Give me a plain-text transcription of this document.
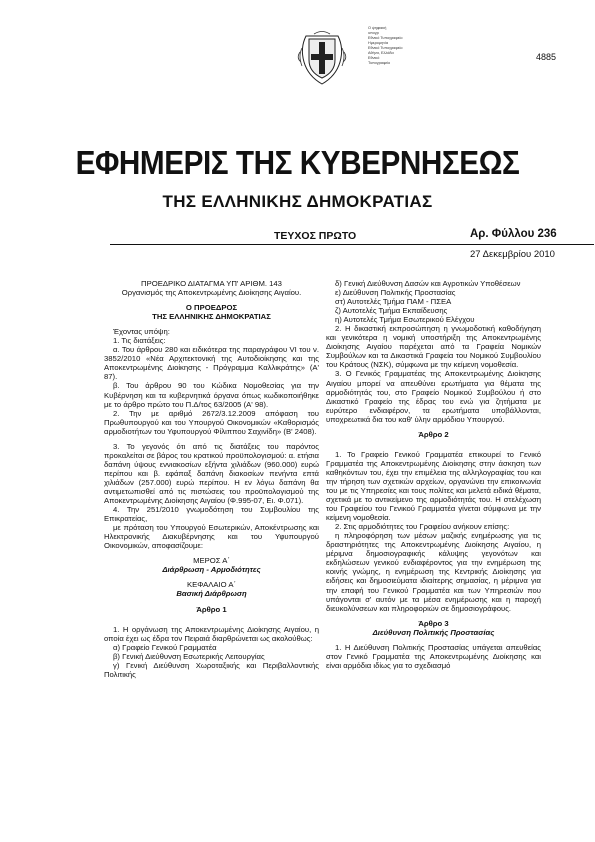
Ο ψηφιακή
υπογρ
Εθνικό Τυπογραφείο
Ημερομηνία
Εθνικό Τυπογραφείο
Αθήνα, Ελλάδα
Εθνικό
Τυπογραφείο
4885
ΕΦΗΜΕΡΙΣ ΤΗΣ ΚΥΒΕΡΝΗΣΕΩΣ
ΤΗΣ ΕΛΛΗΝΙΚΗΣ ΔΗΜΟΚΡΑΤΙΑΣ
ΤΕΥΧΟΣ ΠΡΩΤΟ	Αρ. Φύλλου 236
27 Δεκεμβρίου 2010

ΠΡΟΕΔΡΙΚΟ ΔΙΑΤΑΓΜΑ ΥΠ' ΑΡΙΘΜ. 143

Οργανισμός της Αποκεντρωμένης Διοίκησης Αιγαίου.

Ο ΠΡΟΕΔΡΟΣ

ΤΗΣ ΕΛΛΗΝΙΚΗΣ ΔΗΜΟΚΡΑΤΙΑΣ

Έχοντας υπόψη:

1. Τις διατάξεις:

α. Του άρθρου 280 και ειδικότερα της παραγράφου VI του ν. 3852/2010 «Νέα Αρχιτεκτονική της Αυτοδιοίκησης και της Αποκεντρωμένης Διοίκησης - Πρόγραμμα Καλλικράτης» (Α' 87).

β. Του άρθρου 90 του Κώδικα Νομοθεσίας για την Κυβέρνηση και τα κυβερνητικά όργανα όπως κωδικοποιήθηκε με το άρθρο πρώτο του Π.Δ/τος 63/2005 (Α' 98).

2. Την με αριθμό 2672/3.12.2009 απόφαση του Πρωθυπουργού και του Υπουργού Οικονομικών «Καθορισμός αρμοδιοτήτων του Υφυπουργού Φίλιππου Σαχινίδη» (Β' 2408).

3. Το γεγονός ότι από τις διατάξεις του παρόντος προκαλείται σε βάρος του κρατικού προϋπολογισμού: α. ετήσια δαπάνη ύψους εννιακοσίων εξήντα χιλιάδων (960.000) ευρώ περίπου και β. εφάπαξ δαπάνη διακοσίων πενήντα επτά χιλιάδων (257.000) ευρώ περίπου. Η εν λόγω δαπάνη θα αντιμετωπισθεί από τις πιστώσεις του προϋπολογισμού της Αποκεντρωμένης Διοίκησης Αιγαίου (Φ.995-07, Ει. Φ.071).

4. Την 251/2010 γνωμοδότηση του Συμβουλίου της Επικρατείας,

με πρόταση του Υπουργού Εσωτερικών, Αποκέντρωσης και Ηλεκτρονικής Διακυβέρνησης και του Υφυπουργού Οικονομικών, αποφασίζουμε:

ΜΕΡΟΣ Α΄

Διάρθρωση - Αρμοδιότητες

ΚΕΦΑΛΑΙΟ Α΄

Βασική Διάρθρωση

Άρθρο 1

1. Η οργάνωση της Αποκεντρωμένης Διοίκησης Αιγαίου, η οποία έχει ως έδρα τον Πειραιά διαρθρώνεται ως ακολούθως:

α) Γραφείο Γενικού Γραμματέα

β) Γενική Διεύθυνση Εσωτερικής Λειτουργίας

γ) Γενική Διεύθυνση Χωροταξικής και Περιβαλλοντικής Πολιτικής

δ) Γενική Διεύθυνση Δασών και Αγροτικών Υποθέσεων

ε) Διεύθυνση Πολιτικής Προστασίας

στ) Αυτοτελές Τμήμα ΠΑΜ - ΠΣΕΑ

ζ) Αυτοτελές Τμήμα Εκπαίδευσης

η) Αυτοτελές Τμήμα Εσωτερικού Ελέγχου

2. Η δικαστική εκπροσώπηση η γνωμοδοτική καθοδήγηση και γενικότερα η νομική υποστήριξη της Αποκεντρωμένης Διοίκησης Αιγαίου παρέχεται από τα Γραφεία Νομικών Συμβούλων και τα Δικαστικά Γραφεία του Νομικού Συμβουλίου του Κράτους (ΝΣΚ), σύμφωνα με την κείμενη νομοθεσία.

3. Ο Γενικός Γραμματέας της Αποκεντρωμένης Διοίκησης Αιγαίου μπορεί να απευθύνει ερωτήματα για θέματα της αρμοδιότητάς του, στο Γραφείο Νομικού Συμβούλου ή στο Δικαστικό Γραφείο της έδρας του ενώ για ζητήματα με ευρύτερο ενδιαφέρον, τα ερωτήματα υποβάλλονται, υποχρεωτικά δια του καθ' ύλην αρμόδιου Υπουργού.

Άρθρο 2

1. Το Γραφείο Γενικού Γραμματέα επικουρεί το Γενικό Γραμματέα της Αποκεντρωμένης Διοίκησης στην άσκηση των καθηκόντων του, έχει την επιμέλεια της αλληλογραφίας του και την τήρηση των σχετικών αρχείων, οργανώνει την επικοινωνία του με τις Υπηρεσίες και τους πολίτες και μελετά ειδικά θέματα, σχετικά με το αντικείμενο της αρμοδιότητάς του. Η στελέχωση του Γραφείου του Γενικού Γραμματέα γίνεται σύμφωνα με την κείμενη νομοθεσία.

2. Στις αρμοδιότητες του Γραφείου ανήκουν επίσης:

η πληροφόρηση των μέσων μαζικής ενημέρωσης για τις δραστηριότητες της Αποκεντρωμένης Διοίκησης Αιγαίου, η μέριμνα δημοσιογραφικής κάλυψης γεγονότων και εκδηλώσεων γενικού ενδιαφέροντος για την ενημέρωση της κοινής γνώμης, η ενημέρωση της Κεντρικής Διοίκησης για ειδήσεις και δημοσιεύματα ιδιαίτερης σημασίας, η μέριμνα για την επαφή του Γενικού Γραμματέα και των Υπηρεσιών που υπάγονται σ' αυτόν με τα μέσα ενημέρωσης και η παροχή διευκολύνσεων και πληροφοριών σε δημοσιογράφους.

Άρθρο 3

Διεύθυνση Πολιτικής Προστασίας

1. Η Διεύθυνση Πολιτικής Προστασίας υπάγεται απευθείας στον Γενικό Γραμματέα της Αποκεντρωμένης Διοίκησης και είναι αρμόδια ιδίως για το σχεδιασμό
